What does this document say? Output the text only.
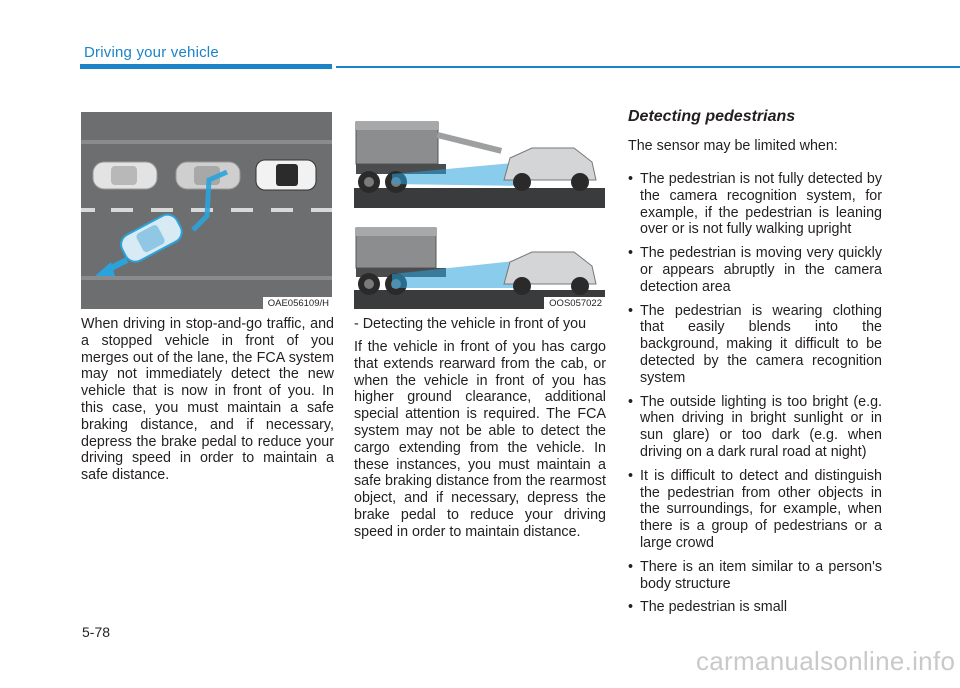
Driving your vehicle
OAE056109/H	OOS057022

When driving in stop-and-go traffic, and a stopped vehicle in front of you merges out of the lane, the FCA system may not immediately detect the new vehicle that is now in front of you. In this case, you must maintain a safe braking distance, and if necessary, depress the brake pedal to reduce your driving speed in order to maintain a safe distance.

- Detecting the vehicle in front of you

If the vehicle in front of you has cargo that extends rearward from the cab, or when the vehicle in front of you has higher ground clearance, additional special attention is required. The FCA system may not be able to detect the cargo extending from the vehicle. In these instances, you must maintain a safe braking distance from the rearmost object, and if necessary, depress the brake pedal to reduce your driving speed in order to maintain distance.

Detecting pedestrians

The sensor may be limited when:

• The pedestrian is not fully detected by the camera recognition system, for example, if the pedestrian is leaning over or is not fully walking upright
• The pedestrian is moving very quickly or appears abruptly in the camera detection area
• The pedestrian is wearing clothing that easily blends into the background, making it difficult to be detected by the camera recognition system
• The outside lighting is too bright (e.g. when driving in bright sunlight or in sun glare) or too dark (e.g. when driving on a dark rural road at night)
• It is difficult to detect and distinguish the pedestrian from other objects in the surroundings, for example, when there is a group of pedestrians or a large crowd
• There is an item similar to a person's body structure
• The pedestrian is small
5-78
carmanualsonline.info
